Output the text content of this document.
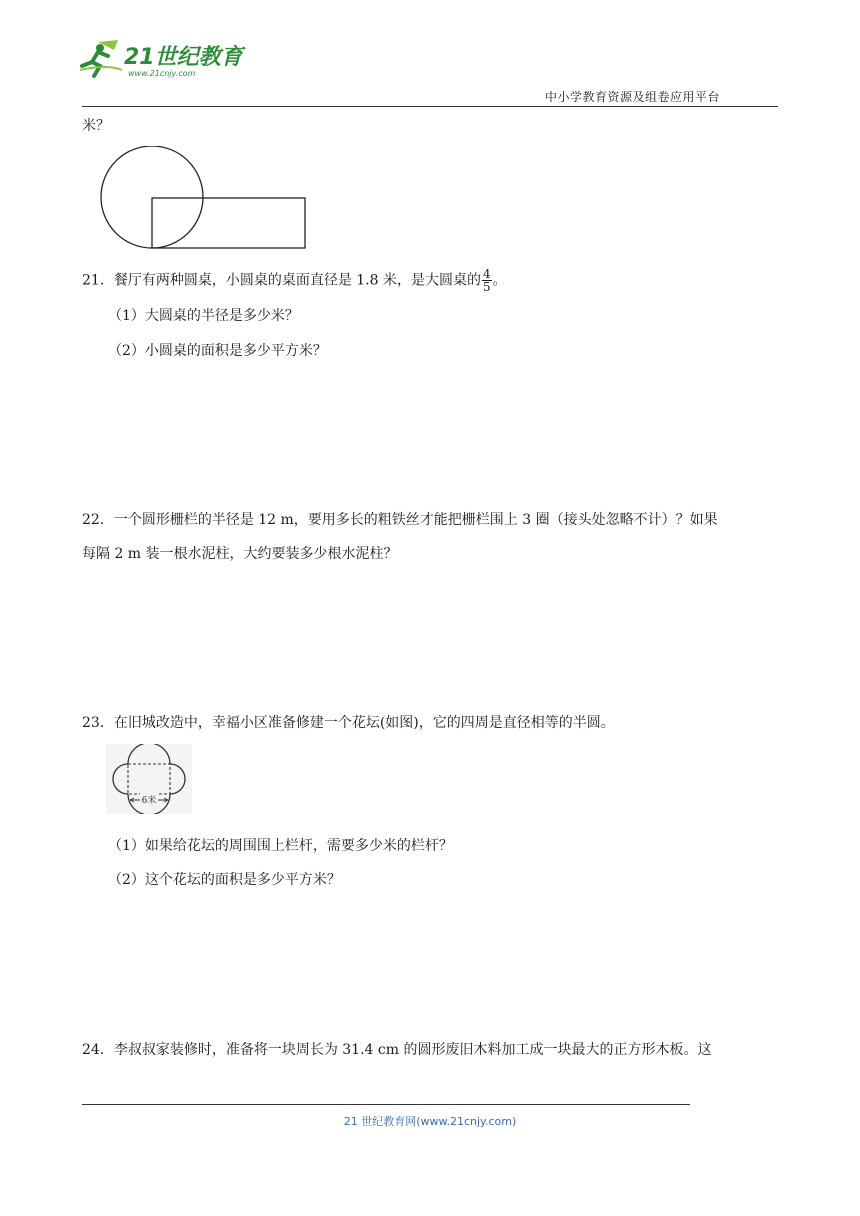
21世纪教育
www.21cnjy.com
中小学教育资源及组卷应用平台
米？
21．餐厅有两种圆桌，小圆桌的桌面直径是 1.8 米，是大圆桌的 $\frac{4}{5}$ 。
（1）大圆桌的半径是多少米？
（2）小圆桌的面积是多少平方米？
22．一个圆形栅栏的半径是 12 m，要用多长的粗铁丝才能把栅栏围上 3 圈（接头处忽略不计）？如果
每隔 2 m 装一根水泥柱，大约要装多少根水泥柱？
23．在旧城改造中，幸福小区准备修建一个花坛(如图)，它的四周是直径相等的半圆。
6米
（1）如果给花坛的周围围上栏杆，需要多少米的栏杆？
（2）这个花坛的面积是多少平方米？
24．李叔叔家装修时，准备将一块周长为 31.4 cm 的圆形废旧木料加工成一块最大的正方形木板。这
21 世纪教育网(www.21cnjy.com)
